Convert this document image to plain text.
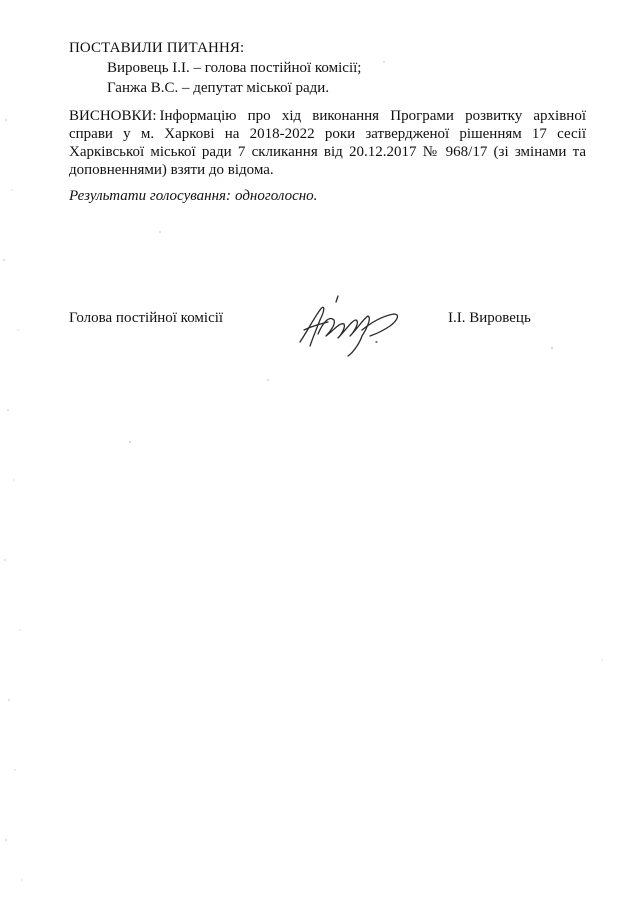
ПОСТАВИЛИ ПИТАННЯ:
Вировець І.І. – голова постійної комісії;
Ганжа В.С. – депутат міської ради.
ВИСНОВКИ: Інформацію про хід виконання Програми розвитку архівної справи у м. Харкові на 2018-2022 роки затвердженої рішенням 17 сесії Харківської міської ради 7 скликання від 20.12.2017 № 968/17 (зі змінами та доповненнями) взяти до відома.
Результати голосування: одноголосно.
Голова постійної комісії	І.І. Вировець
